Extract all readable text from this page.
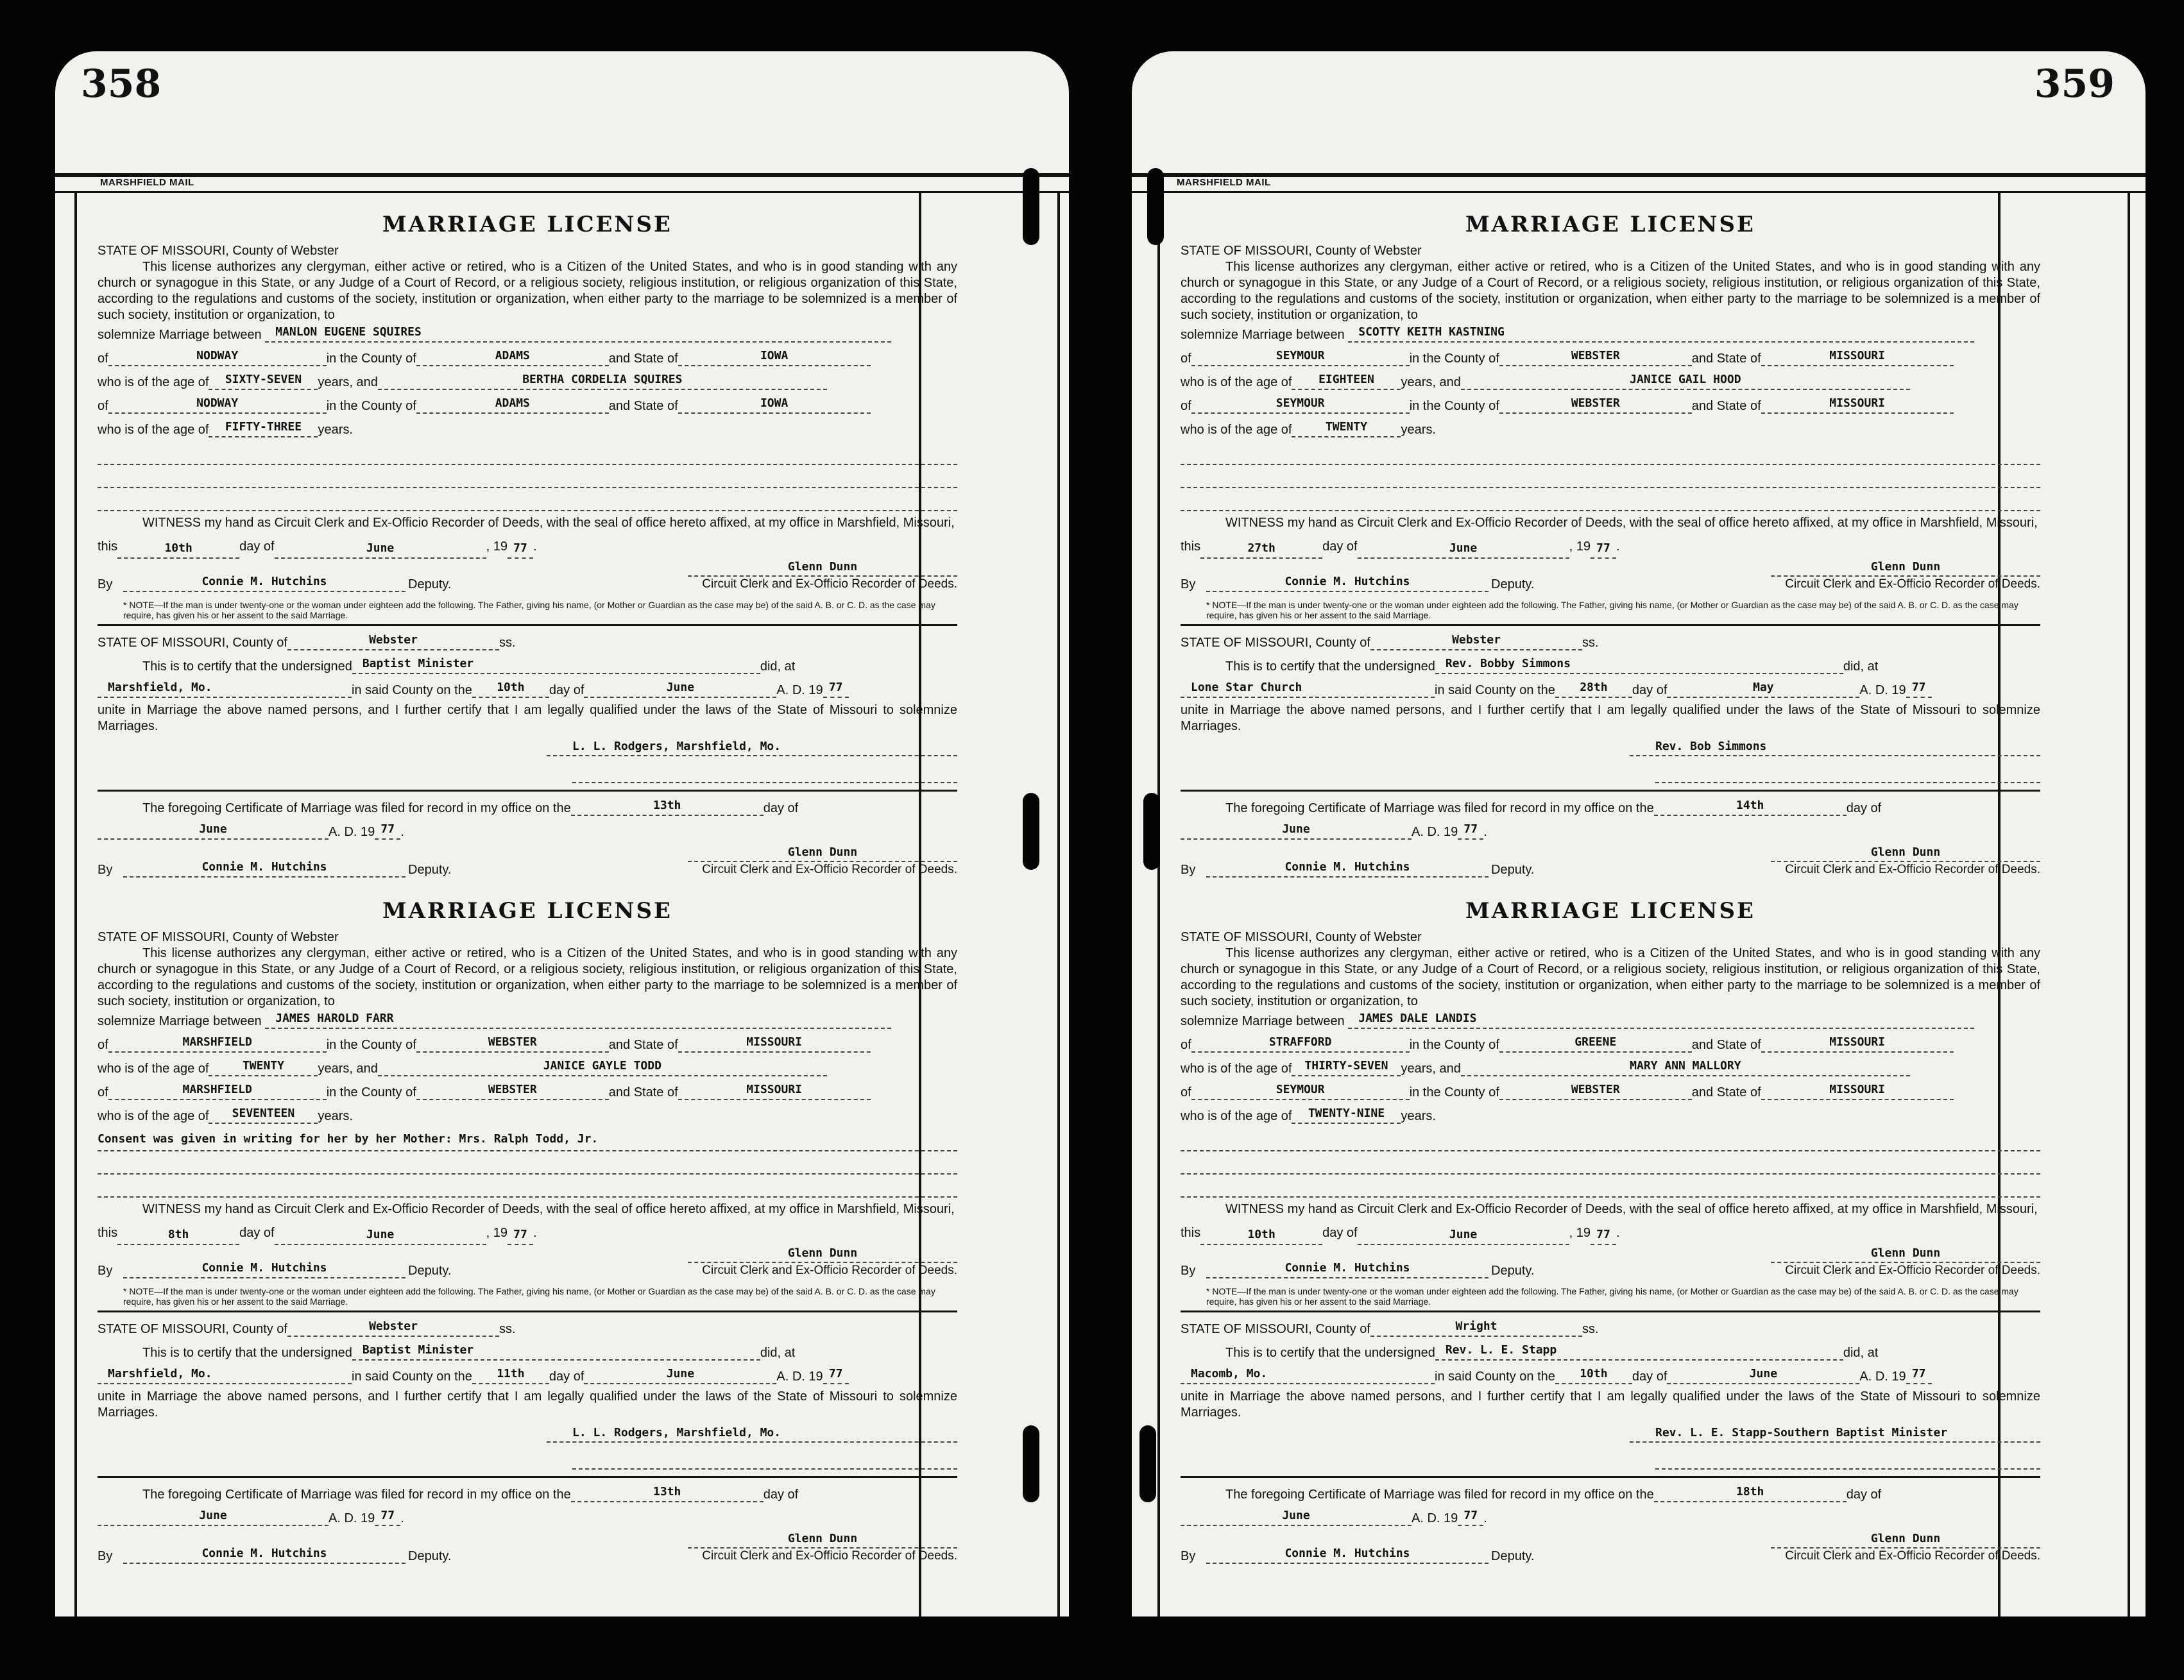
358
MARSHFIELD MAIL
MARRIAGE LICENSE
STATE OF MISSOURI, County of Webster
This license authorizes any clergyman, either active or retired, who is a Citizen of the United States, and who is in good standing with any church or synagogue in this State, or any Judge of a Court of Record, or a religious society, religious institution, or religious organization of this State, according to the regulations and customs of the society, institution or organization, when either party to the marriage to be solemnized is a member of such society, institution or organization, to
solemnize Marriage between MANLON EUGENE SQUIRES
of	NODWAY	in the County of	ADAMS	and State of	IOWA
who is of the age of SIXTY-SEVEN years, and	BERTHA CORDELIA SQUIRES
of	NODWAY	in the County of	ADAMS	and State of	IOWA
who is of the age of FIFTY-THREE years.
WITNESS my hand as Circuit Clerk and Ex-Officio Recorder of Deeds, with the seal of office hereto affixed, at my office in Marshfield, Missouri, this	10th	day of	June	, 19 77 .
By	Connie M. Hutchins	Deputy.
Glenn Dunn
Circuit Clerk and Ex-Officio Recorder of Deeds.
* NOTE—If the man is under twenty-one or the woman under eighteen add the following. The Father, giving his name, (or Mother or Guardian as the case may be) of the said A. B. or C. D. as the case may require, has given his or her assent to the said Marriage.
STATE OF MISSOURI, County of	Webster	ss.
This is to certify that the undersigned Baptist Minister	did, at
Marshfield, Mo.	in said County on the 10th day of	June	A. D. 19 77
unite in Marriage the above named persons, and I further certify that I am legally qualified under the laws of the State of Missouri to solemnize Marriages.
L. L. Rodgers, Marshfield, Mo.
The foregoing Certificate of Marriage was filed for record in my office on the	13th	day of
June	A. D. 19 77 .
By	Connie M. Hutchins	Deputy.
Glenn Dunn
Circuit Clerk and Ex-Officio Recorder of Deeds.
MARRIAGE LICENSE
STATE OF MISSOURI, County of Webster
This license authorizes any clergyman, either active or retired, who is a Citizen of the United States, and who is in good standing with any church or synagogue in this State, or any Judge of a Court of Record, or a religious society, religious institution, or religious organization of this State, according to the regulations and customs of the society, institution or organization, when either party to the marriage to be solemnized is a member of such society, institution or organization, to
solemnize Marriage between JAMES HAROLD FARR
of	MARSHFIELD	in the County of	WEBSTER	and State of	MISSOURI
who is of the age of	TWENTY	years, and	JANICE GAYLE TODD
of	MARSHFIELD	in the County of	WEBSTER	and State of	MISSOURI
who is of the age of SEVENTEEN years.
Consent was given in writing for her by her Mother: Mrs. Ralph Todd, Jr.
WITNESS my hand as Circuit Clerk and Ex-Officio Recorder of Deeds, with the seal of office hereto affixed, at my office in Marshfield, Missouri, this	8th	day of	June	, 19 77 .
By	Connie M. Hutchins	Deputy.
Glenn Dunn
Circuit Clerk and Ex-Officio Recorder of Deeds.
* NOTE—If the man is under twenty-one or the woman under eighteen add the following. The Father, giving his name, (or Mother or Guardian as the case may be) of the said A. B. or C. D. as the case may require, has given his or her assent to the said Marriage.
STATE OF MISSOURI, County of	Webster	ss.
This is to certify that the undersigned Baptist Minister	did, at
Marshfield, Mo.	in said County on the 11th day of	June	A. D. 19 77
unite in Marriage the above named persons, and I further certify that I am legally qualified under the laws of the State of Missouri to solemnize Marriages.
L. L. Rodgers, Marshfield, Mo.
The foregoing Certificate of Marriage was filed for record in my office on the	13th	day of
June	A. D. 19 77 .
By	Connie M. Hutchins	Deputy.
Glenn Dunn
Circuit Clerk and Ex-Officio Recorder of Deeds.
359
MARSHFIELD MAIL
MARRIAGE LICENSE
STATE OF MISSOURI, County of Webster
This license authorizes any clergyman, either active or retired, who is a Citizen of the United States, and who is in good standing with any church or synagogue in this State, or any Judge of a Court of Record, or a religious society, religious institution, or religious organization of this State, according to the regulations and customs of the society, institution or organization, when either party to the marriage to be solemnized is a member of such society, institution or organization, to
solemnize Marriage between SCOTTY KEITH KASTNING
of	SEYMOUR	in the County of	WEBSTER	and State of	MISSOURI
who is of the age of EIGHTEEN years, and	JANICE GAIL HOOD
of	SEYMOUR	in the County of	WEBSTER	and State of	MISSOURI
who is of the age of	TWENTY	years.
WITNESS my hand as Circuit Clerk and Ex-Officio Recorder of Deeds, with the seal of office hereto affixed, at my office in Marshfield, Missouri, this	27th	day of	June	, 19 77 .
By	Connie M. Hutchins	Deputy.
Glenn Dunn
Circuit Clerk and Ex-Officio Recorder of Deeds.
* NOTE—If the man is under twenty-one or the woman under eighteen add the following. The Father, giving his name, (or Mother or Guardian as the case may be) of the said A. B. or C. D. as the case may require, has given his or her assent to the said Marriage.
STATE OF MISSOURI, County of	Webster	ss.
This is to certify that the undersigned Rev. Bobby Simmons	did, at
Lone Star Church	in said County on the 28th day of	May	A. D. 19 77
unite in Marriage the above named persons, and I further certify that I am legally qualified under the laws of the State of Missouri to solemnize Marriages.
Rev. Bob Simmons
The foregoing Certificate of Marriage was filed for record in my office on the	14th	day of
June	A. D. 19 77 .
By	Connie M. Hutchins	Deputy.
Glenn Dunn
Circuit Clerk and Ex-Officio Recorder of Deeds.
MARRIAGE LICENSE
STATE OF MISSOURI, County of Webster
This license authorizes any clergyman, either active or retired, who is a Citizen of the United States, and who is in good standing with any church or synagogue in this State, or any Judge of a Court of Record, or a religious society, religious institution, or religious organization of this State, according to the regulations and customs of the society, institution or organization, when either party to the marriage to be solemnized is a member of such society, institution or organization, to
solemnize Marriage between JAMES DALE LANDIS
of	STRAFFORD	in the County of	GREENE	and State of	MISSOURI
who is of the age of THIRTY-SEVEN years, and	MARY ANN MALLORY
of	SEYMOUR	in the County of	WEBSTER	and State of	MISSOURI
who is of the age of TWENTY-NINE years.
WITNESS my hand as Circuit Clerk and Ex-Officio Recorder of Deeds, with the seal of office hereto affixed, at my office in Marshfield, Missouri, this	10th	day of	June	, 19 77 .
By	Connie M. Hutchins	Deputy.
Glenn Dunn
Circuit Clerk and Ex-Officio Recorder of Deeds.
* NOTE—If the man is under twenty-one or the woman under eighteen add the following. The Father, giving his name, (or Mother or Guardian as the case may be) of the said A. B. or C. D. as the case may require, has given his or her assent to the said Marriage.
STATE OF MISSOURI, County of	Wright	ss.
This is to certify that the undersigned Rev. L. E. Stapp	did, at
Macomb, Mo.	in said County on the 10th day of	June	A. D. 19 77
unite in Marriage the above named persons, and I further certify that I am legally qualified under the laws of the State of Missouri to solemnize Marriages.
Rev. L. E. Stapp-Southern Baptist Minister
The foregoing Certificate of Marriage was filed for record in my office on the	18th	day of
June	A. D. 19 77 .
By	Connie M. Hutchins	Deputy.
Glenn Dunn
Circuit Clerk and Ex-Officio Recorder of Deeds.
